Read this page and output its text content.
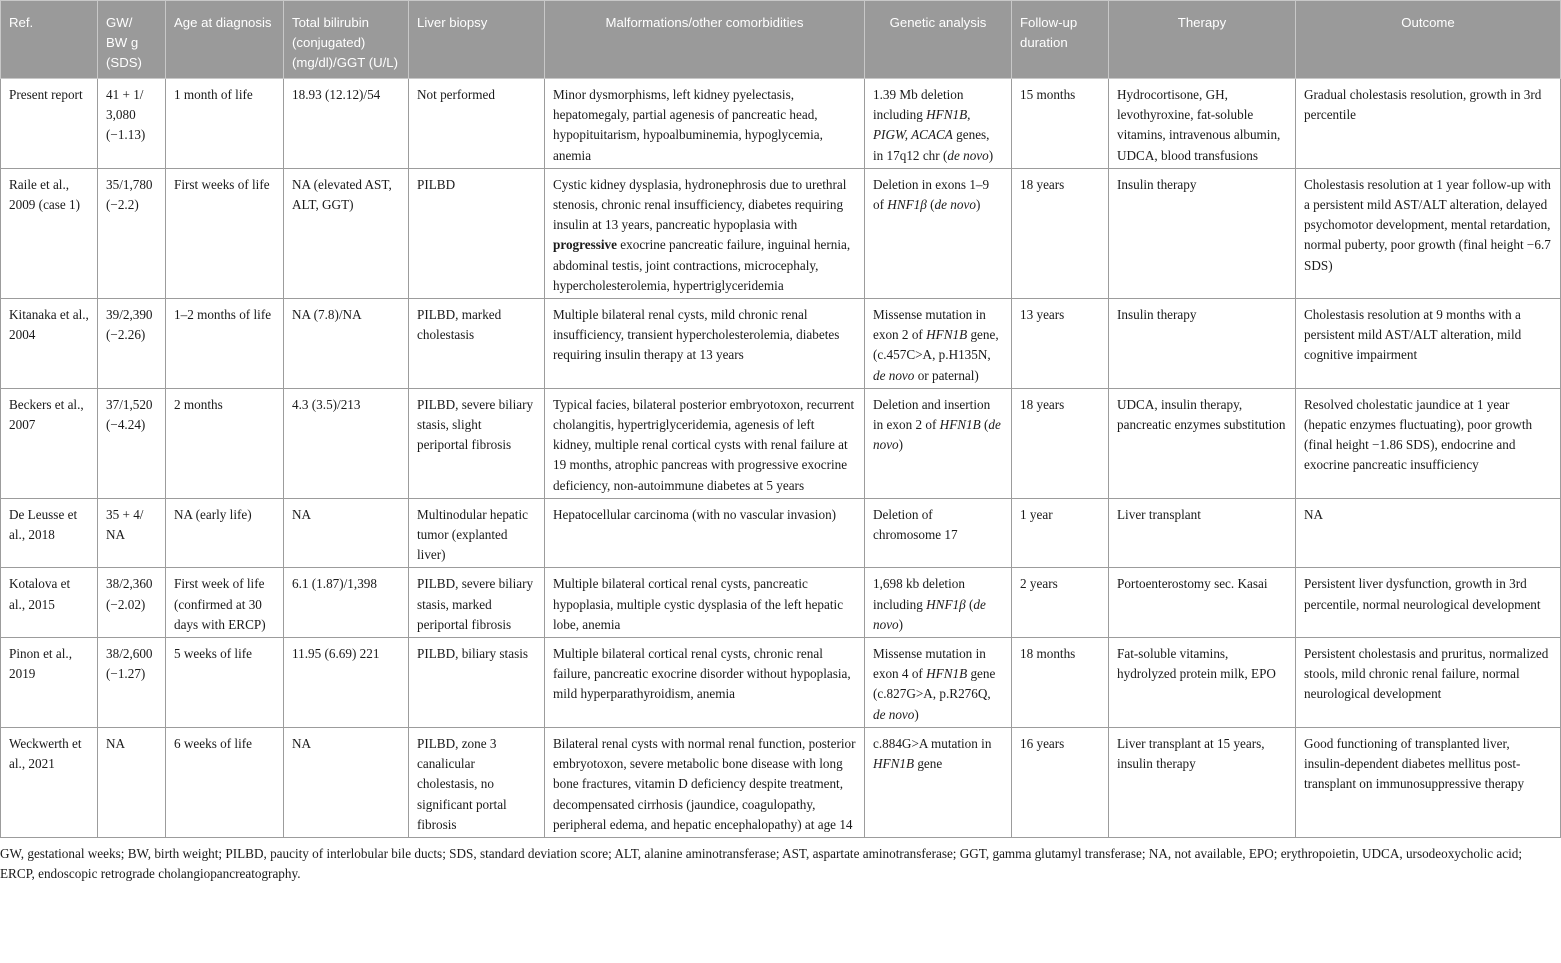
Ref.	GW/ BW g (SDS)	Age at diagnosis	Total bilirubin (conjugated) (mg/dl)/GGT (U/L)	Liver biopsy	Malformations/other comorbidities	Genetic analysis	Follow-up duration	Therapy	Outcome
Present report	41 + 1/ 3,080 (−1.13)	1 month of life	18.93 (12.12)/54	Not performed	Minor dysmorphisms, left kidney pyelectasis, hepatomegaly, partial agenesis of pancreatic head, hypopituitarism, hypoalbuminemia, hypoglycemia, anemia	1.39 Mb deletion including HFN1B, PIGW, ACACA genes, in 17q12 chr (de novo)	15 months	Hydrocortisone, GH, levothyroxine, fat-soluble vitamins, intravenous albumin, UDCA, blood transfusions	Gradual cholestasis resolution, growth in 3rd percentile
Raile et al., 2009 (case 1)	35/1,780 (−2.2)	First weeks of life	NA (elevated AST, ALT, GGT)	PILBD	Cystic kidney dysplasia, hydronephrosis due to urethral stenosis, chronic renal insufficiency, diabetes requiring insulin at 13 years, pancreatic hypoplasia with progressive exocrine pancreatic failure, inguinal hernia, abdominal testis, joint contractions, microcephaly, hypercholesterolemia, hypertriglyceridemia	Deletion in exons 1–9 of HNF1β (de novo)	18 years	Insulin therapy	Cholestasis resolution at 1 year follow-up with a persistent mild AST/ALT alteration, delayed psychomotor development, mental retardation, normal puberty, poor growth (final height −6.7 SDS)
Kitanaka et al., 2004	39/2,390 (−2.26)	1–2 months of life	NA (7.8)/NA	PILBD, marked cholestasis	Multiple bilateral renal cysts, mild chronic renal insufficiency, transient hypercholesterolemia, diabetes requiring insulin therapy at 13 years	Missense mutation in exon 2 of HFN1B gene, (c.457C>A, p.H135N, de novo or paternal)	13 years	Insulin therapy	Cholestasis resolution at 9 months with a persistent mild AST/ALT alteration, mild cognitive impairment
Beckers et al., 2007	37/1,520 (−4.24)	2 months	4.3 (3.5)/213	PILBD, severe biliary stasis, slight periportal fibrosis	Typical facies, bilateral posterior embryotoxon, recurrent cholangitis, hypertriglyceridemia, agenesis of left kidney, multiple renal cortical cysts with renal failure at 19 months, atrophic pancreas with progressive exocrine deficiency, non-autoimmune diabetes at 5 years	Deletion and insertion in exon 2 of HFN1B (de novo)	18 years	UDCA, insulin therapy, pancreatic enzymes substitution	Resolved cholestatic jaundice at 1 year (hepatic enzymes fluctuating), poor growth (final height −1.86 SDS), endocrine and exocrine pancreatic insufficiency
De Leusse et al., 2018	35 + 4/ NA	NA (early life)	NA	Multinodular hepatic tumor (explanted liver)	Hepatocellular carcinoma (with no vascular invasion)	Deletion of chromosome 17	1 year	Liver transplant	NA
Kotalova et al., 2015	38/2,360 (−2.02)	First week of life (confirmed at 30 days with ERCP)	6.1 (1.87)/1,398	PILBD, severe biliary stasis, marked periportal fibrosis	Multiple bilateral cortical renal cysts, pancreatic hypoplasia, multiple cystic dysplasia of the left hepatic lobe, anemia	1,698 kb deletion including HNF1β (de novo)	2 years	Portoenterostomy sec. Kasai	Persistent liver dysfunction, growth in 3rd percentile, normal neurological development
Pinon et al., 2019	38/2,600 (−1.27)	5 weeks of life	11.95 (6.69) 221	PILBD, biliary stasis	Multiple bilateral cortical renal cysts, chronic renal failure, pancreatic exocrine disorder without hypoplasia, mild hyperparathyroidism, anemia	Missense mutation in exon 4 of HFN1B gene (c.827G>A, p.R276Q, de novo)	18 months	Fat-soluble vitamins, hydrolyzed protein milk, EPO	Persistent cholestasis and pruritus, normalized stools, mild chronic renal failure, normal neurological development
Weckwerth et al., 2021	NA	6 weeks of life	NA	PILBD, zone 3 canalicular cholestasis, no significant portal fibrosis	Bilateral renal cysts with normal renal function, posterior embryotoxon, severe metabolic bone disease with long bone fractures, vitamin D deficiency despite treatment, decompensated cirrhosis (jaundice, coagulopathy, peripheral edema, and hepatic encephalopathy) at age 14	c.884G>A mutation in HFN1B gene	16 years	Liver transplant at 15 years, insulin therapy	Good functioning of transplanted liver, insulin-dependent diabetes mellitus post-transplant on immunosuppressive therapy
GW, gestational weeks; BW, birth weight; PILBD, paucity of interlobular bile ducts; SDS, standard deviation score; ALT, alanine aminotransferase; AST, aspartate aminotransferase; GGT, gamma glutamyl transferase; NA, not available, EPO; erythropoietin, UDCA, ursodeoxycholic acid; ERCP, endoscopic retrograde cholangiopancreatography.
